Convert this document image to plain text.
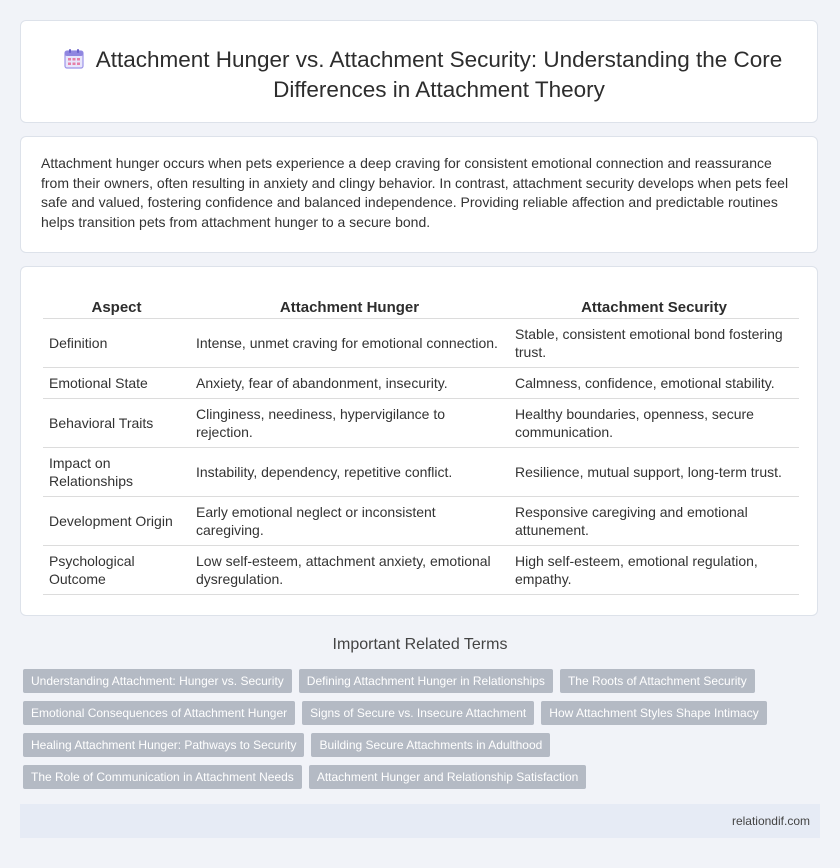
Attachment Hunger vs. Attachment Security: Understanding the Core Differences in Attachment Theory
Attachment hunger occurs when pets experience a deep craving for consistent emotional connection and reassurance from their owners, often resulting in anxiety and clingy behavior. In contrast, attachment security develops when pets feel safe and valued, fostering confidence and balanced independence. Providing reliable affection and predictable routines helps transition pets from attachment hunger to a secure bond.
Aspect	Attachment Hunger	Attachment Security
Definition	Intense, unmet craving for emotional connection.	Stable, consistent emotional bond fostering trust.
Emotional State	Anxiety, fear of abandonment, insecurity.	Calmness, confidence, emotional stability.
Behavioral Traits	Clinginess, neediness, hypervigilance to rejection.	Healthy boundaries, openness, secure communication.
Impact on Relationships	Instability, dependency, repetitive conflict.	Resilience, mutual support, long-term trust.
Development Origin	Early emotional neglect or inconsistent caregiving.	Responsive caregiving and emotional attunement.
Psychological Outcome	Low self-esteem, attachment anxiety, emotional dysregulation.	High self-esteem, emotional regulation, empathy.
Important Related Terms
Understanding Attachment: Hunger vs. Security	Defining Attachment Hunger in Relationships	The Roots of Attachment Security
Emotional Consequences of Attachment Hunger	Signs of Secure vs. Insecure Attachment	How Attachment Styles Shape Intimacy
Healing Attachment Hunger: Pathways to Security	Building Secure Attachments in Adulthood
The Role of Communication in Attachment Needs	Attachment Hunger and Relationship Satisfaction
relationdif.com
